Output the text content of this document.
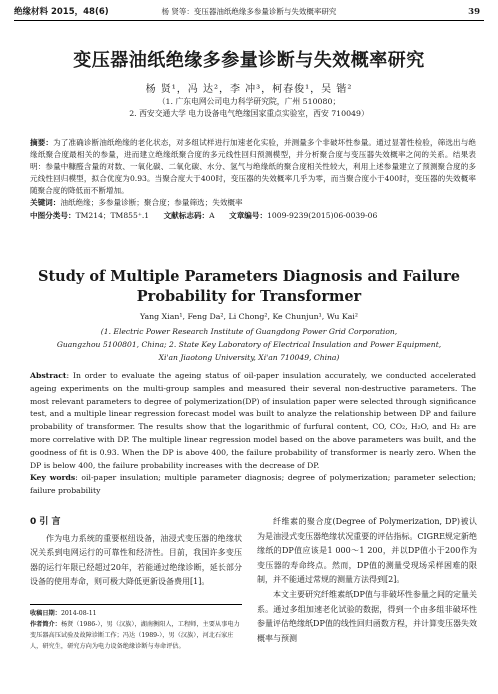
绝缘材料 2015，48(6)	杨 贤等：变压器油纸绝缘多参量诊断与失效概率研究	39
变压器油纸绝缘多参量诊断与失效概率研究
杨 贤¹，冯 达²，李 冲³，柯春俊¹，吴 锴²
（1. 广东电网公司电力科学研究院，广州 510080；
2. 西安交通大学 电力设备电气绝缘国家重点实验室，西安 710049）

摘要：为了准确诊断油纸绝缘的老化状态，对多组试样进行加速老化实验，并测量多个非破坏性参量。通过显著性检验，筛选出与绝缘纸聚合度最相关的参量，进而建立绝缘纸聚合度的多元线性回归预测模型，并分析聚合度与变压器失效概率之间的关系。结果表明：参量中糠醛含量的对数、一氧化碳、二氧化碳、水分、氢气与绝缘纸的聚合度相关性较大，利用上述参量建立了预测聚合度的多元线性回归模型，拟合优度为0.93。当聚合度大于400时，变压器的失效概率几乎为零，而当聚合度小于400时，变压器的失效概率随聚合度的降低而不断增加。

关键词：油纸绝缘；多参量诊断；聚合度；参量筛选；失效概率

中图分类号：TM214；TM855⁺.1 文献标志码：A 文章编号：1009-9239(2015)06-0039-06

Study of Multiple Parameters Diagnosis and Failure Probability for Transformer
Yang Xian¹, Feng Da², Li Chong², Ke Chunjun¹, Wu Kai²
(1. Electric Power Research Institute of Guangdong Power Grid Corporation,
Guangzhou 5100801, China; 2. State Key Laboratory of Electrical Insulation and Power Equipment,
Xi'an Jiaotong University, Xi'an 710049, China)

Abstract: In order to evaluate the ageing status of oil-paper insulation accurately, we conducted accelerated ageing experiments on the multi-group samples and measured their several non-destructive parameters. The most relevant parameters to degree of polymerization(DP) of insulation paper were selected through significance test, and a multiple linear regression forecast model was built to analyze the relationship between DP and failure probability of transformer. The results show that the logarithmic of furfural content, CO, CO₂, H₂O, and H₂ are more correlative with DP. The multiple linear regression model based on the above parameters was built, and the goodness of fit is 0.93. When the DP is above 400, the failure probability of transformer is nearly zero. When the DP is below 400, the failure probability increases with the decrease of DP.

Key words: oil-paper insulation; multiple parameter diagnosis; degree of polymerization; parameter selection; failure probability

0 引 言

作为电力系统的重要枢纽设备，油浸式变压器的绝缘状况关系到电网运行的可靠性和经济性。目前，我国许多变压器的运行年限已经超过20年，若能通过绝缘诊断，延长部分设备的使用寿命，则可极大降低更新设备费用[1]。

纤维素的聚合度(Degree of Polymerization, DP)被认为是油浸式变压器绝缘状况重要的评估指标。CIGRE规定新绝缘纸的DP值应该是1 000～1 200，并以DP值小于200作为变压器的寿命终点。然而，DP值的测量受现场采样困难的限制，并不能通过常规的测量方法得到[2]。

本文主要研究纤维素纸DP值与非破坏性参量之间的定量关系。通过多组加速老化试验的数据，得到一个由多组非破坏性参量评估绝缘纸DP值的线性回归函数方程，并计算变压器失效概率与预测

收稿日期：2014-08-11
作者简介：杨贤（1986-），男（汉族），湖南衡阳人，工程师，主要从事电力变压器高压试验及故障诊断工作；冯达（1989-），男（汉族），河北石家庄人，研究生，研究方向为电力设备绝缘诊断与寿命评估。
